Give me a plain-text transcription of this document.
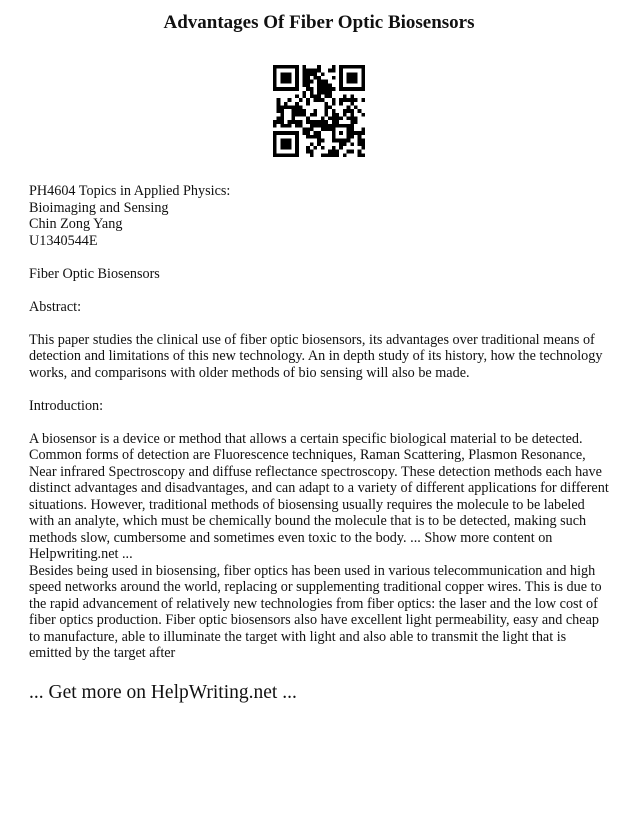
Advantages Of Fiber Optic Biosensors

PH4604 Topics in Applied Physics:

Bioimaging and Sensing

Chin Zong Yang

U1340544E

Fiber Optic Biosensors

Abstract:

This paper studies the clinical use of fiber optic biosensors, its advantages over traditional means of detection and limitations of this new technology. An in depth study of its history, how the technology works, and comparisons with older methods of bio sensing will also be made.

Introduction:

A biosensor is a device or method that allows a certain specific biological material to be detected. Common forms of detection are Fluorescence techniques, Raman Scattering, Plasmon Resonance, Near infrared Spectroscopy and diffuse reflectance spectroscopy. These detection methods each have distinct advantages and disadvantages, and can adapt to a variety of different applications for different situations. However, traditional methods of biosensing usually requires the molecule to be labeled with an analyte, which must be chemically bound the molecule that is to be detected, making such methods slow, cumbersome and sometimes even toxic to the body. ... Show more content on Helpwriting.net ...

Besides being used in biosensing, fiber optics has been used in various telecommunication and high speed networks around the world, replacing or supplementing traditional copper wires. This is due to the rapid advancement of relatively new technologies from fiber optics: the laser and the low cost of fiber optics production. Fiber optic biosensors also have excellent light permeability, easy and cheap to manufacture, able to illuminate the target with light and also able to transmit the light that is emitted by the target after

... Get more on HelpWriting.net ...
